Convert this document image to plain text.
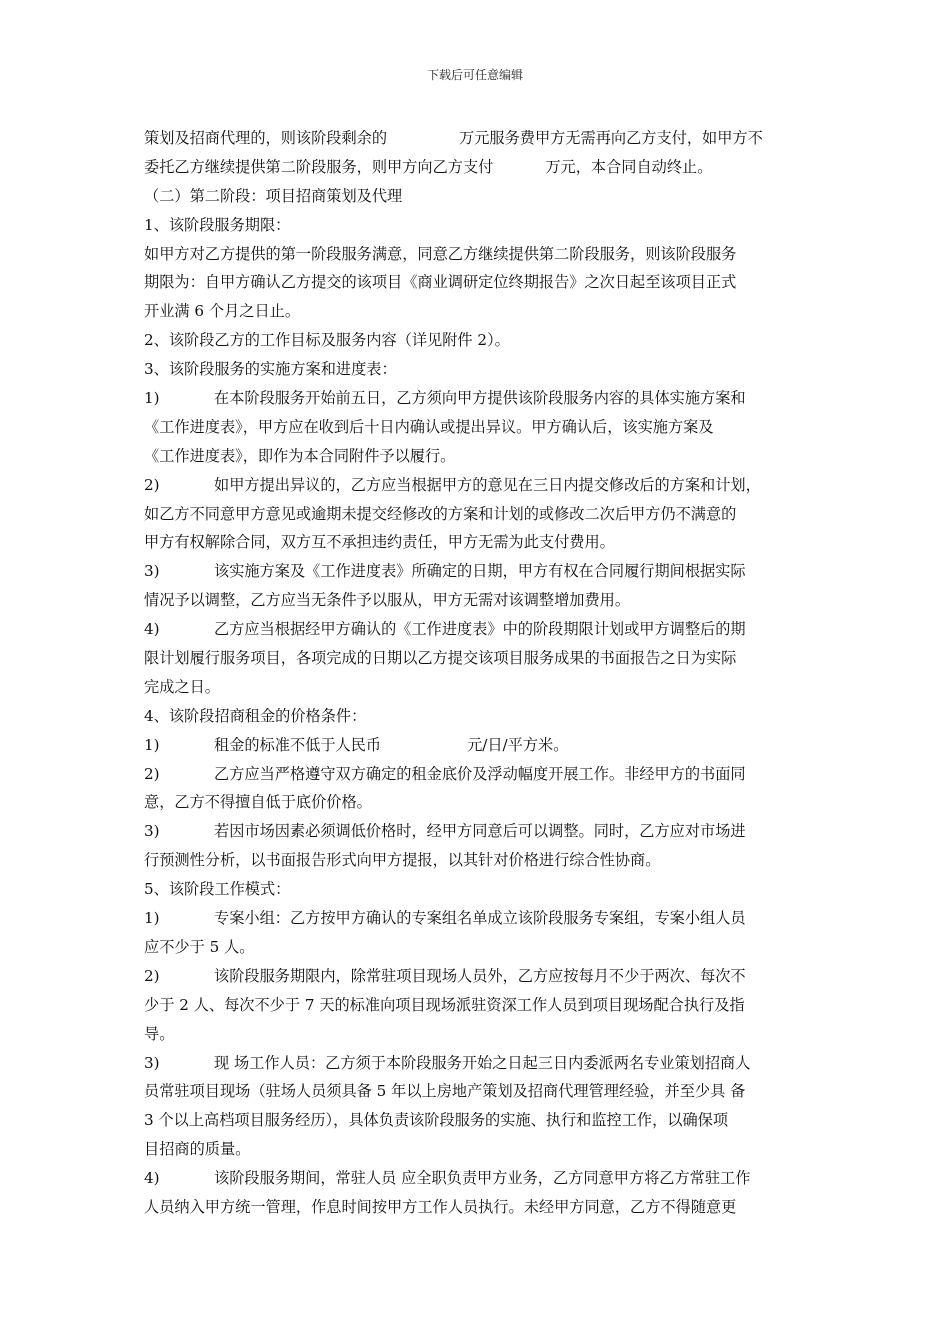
下载后可任意编辑
策划及招商代理的，则该阶段剩余的	万元服务费甲方无需再向乙方支付，如甲方不
委托乙方继续提供第二阶段服务，则甲方向乙方支付	万元，本合同自动终止。
（二）第二阶段：项目招商策划及代理
1、该阶段服务期限：
如甲方对乙方提供的第一阶段服务满意，同意乙方继续提供第二阶段服务，则该阶段服务
期限为：自甲方确认乙方提交的该项目《商业调研定位终期报告》之次日起至该项目正式
开业满 6 个月之日止。
2、该阶段乙方的工作目标及服务内容（详见附件 2）。
3、该阶段服务的实施方案和进度表：
1)	在本阶段服务开始前五日，乙方须向甲方提供该阶段服务内容的具体实施方案和
《工作进度表》，甲方应在收到后十日内确认或提出异议。甲方确认后，该实施方案及
《工作进度表》，即作为本合同附件予以履行。
2)	如甲方提出异议的，乙方应当根据甲方的意见在三日内提交修改后的方案和计划，
如乙方不同意甲方意见或逾期未提交经修改的方案和计划的或修改二次后甲方仍不满意的
甲方有权解除合同，双方互不承担违约责任，甲方无需为此支付费用。
3)	该实施方案及《工作进度表》所确定的日期，甲方有权在合同履行期间根据实际
情况予以调整，乙方应当无条件予以服从，甲方无需对该调整增加费用。
4)	乙方应当根据经甲方确认的《工作进度表》中的阶段期限计划或甲方调整后的期
限计划履行服务项目，各项完成的日期以乙方提交该项目服务成果的书面报告之日为实际
完成之日。
4、该阶段招商租金的价格条件：
1)	租金的标准不低于人民币	元/日/平方米。
2)	乙方应当严格遵守双方确定的租金底价及浮动幅度开展工作。非经甲方的书面同
意，乙方不得擅自低于底价价格。
3)	若因市场因素必须调低价格时，经甲方同意后可以调整。同时，乙方应对市场进
行预测性分析，以书面报告形式向甲方提报，以其针对价格进行综合性协商。
5、该阶段工作模式：
1)	专案小组：乙方按甲方确认的专案组名单成立该阶段服务专案组，专案小组人员
应不少于 5 人。
2)	该阶段服务期限内，除常驻项目现场人员外，乙方应按每月不少于两次、每次不
少于 2 人、每次不少于 7 天的标准向项目现场派驻资深工作人员到项目现场配合执行及指
导。
3)	现 场工作人员：乙方须于本阶段服务开始之日起三日内委派两名专业策划招商人
员常驻项目现场（驻场人员须具备 5 年以上房地产策划及招商代理管理经验，并至少具 备
3 个以上高档项目服务经历），具体负责该阶段服务的实施、执行和监控工作，以确保项
目招商的质量。
4)	该阶段服务期间，常驻人员 应全职负责甲方业务，乙方同意甲方将乙方常驻工作
人员纳入甲方统一管理，作息时间按甲方工作人员执行。未经甲方同意，乙方不得随意更
